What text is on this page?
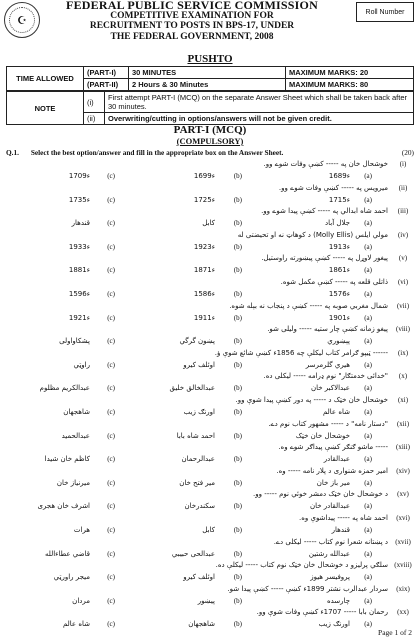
☪
FEDERAL PUBLIC SERVICE COMMISSION
COMPETITIVE EXAMINATION FOR
RECRUITMENT TO POSTS IN BPS-17, UNDER
THE FEDERAL GOVERNMENT, 2008
Roll Number
PUSHTO
TIME ALLOWED	(PART-I)	30 MINUTES	MAXIMUM MARKS: 20
	(PART-II)	2 Hours & 30 Minutes	MAXIMUM MARKS: 80
NOTE	(i)	First attempt PART-I (MCQ) on the separate Answer Sheet which shall be taken back after 30 minutes.
	(ii)	Overwriting/cutting in options/answers will not be given credit.
PART-I (MCQ)
(COMPULSORY)
Q.1. Select the best option/answer and fill in the appropriate box on the Answer Sheet.	(20)
(i)
خوشحال خان په ----- کښې وفات شوے وو.
1689ء (a)
1699ء	(b)
1709ء (c)
(ii)
میرویس په ----- کښې وفات شوے وو.
1715ء (a)
1725ء	(b)
1735ء (c)
(iii)
احمد شاه ابدالي په ----- کښې پیدا شوے وو.
جلال آباد (a)
کابل	(b)
قندهار (c)
(iv)
مولي ایلس (Molly Ellis) د کوهاټ نه او تحیضتی له
1913ء (a)
1923ء	(b)
1933ء (c)
(v)
پیغور لاوړل په ----- کښې پیښورته راوستیل.
1861ء (a)
1871ء	(b)
1881ء (c)
(vi)
ذاتلی قلعه په ----- کښې مکمل شوه.
1576ء (a)
1586ء	(b)
1596ء (c)
(vii)
شمال مغربي صوبه په ----- کښې د پنجاب نه بېله شوه.
1901ء (a)
1911ء	(b)
1921ء (c)
(viii)
پیغو زمانه کښې چار ستیه ----- ولیلی شو.
پېښوري (a)
پښون گرگي	(b)
پشکاواولی (c)
(ix)
------ ټیپو ګرامر کتاب لیکلې چه 1856ء کښې شائع شوې ؤ.
هیري گلرمرسر (a)
اوئلف کیرو	(b)
راوټي (c)
(x)
"خدائی خدمتګار" نوم ډرامه ----- لیکلی ده.
عبدالاکبر خان (a)
عبدالخالق خلیق	(b)
عبدالکریم مظلوم (c)
(xi)
خوشحال خان خټک د ----- په دور کښې پیدا شوې وو.
شاه عالم (a)
اورنګ زیب	(b)
شاهجهان (c)
(xii)
"دستار نامه" د ----- مشهور کتاب نوم دے.
خوشحال خان خټک (a)
احمد شاه بابا	(b)
عبدالحمید (c)
(xiii)
----- ماشو ګنګر کښې پیداګر شوے وه.
عبدالقادر (a)
عبدالرحمان	(b)
کاظم خان شیدا (c)
(xiv)
امیر حمزه شنواری د پلار نامه ----- وه.
میر باز خان (a)
میر فتح خان	(b)
میرنیاز خان (c)
(xv)
د خوشحال خان خټک دمشر خوئي نوم ----- وو.
عبدالقادر خان (a)
سکندرخان	(b)
اشرف خان هجری (c)
(xvi)
احمد شاه په ----- پیداشوې وه.
قندهار (a)
کابل	(b)
هرات (c)
(xvii)
د پښتانه شعرا نوم کتاب ----- لیکلی دے.
عبدالله رشتین (a)
عبدالحی حبیبي	(b)
قاضي عطاءالله (c)
(xviii)
سلګي پرلیزو د خوشحال خان خټک نوم کتاب ----- لیکلې ده.
پروفیسر هیوز (a)
اوئلف کیرو	(b)
میجر راورټي (c)
(xix)
سردار عبدالرب نشتر 1899ء کښې ----- کښې پیدا شو.
چارسده (a)
پیښور	(b)
مردان (c)
(xx)
رحمان بابا ----- 1707ء کښې وفات شوې وو.
اورنګ زیب (a)
شاهجهان	(b)
شاه عالم (c)
Page 1 of 2
